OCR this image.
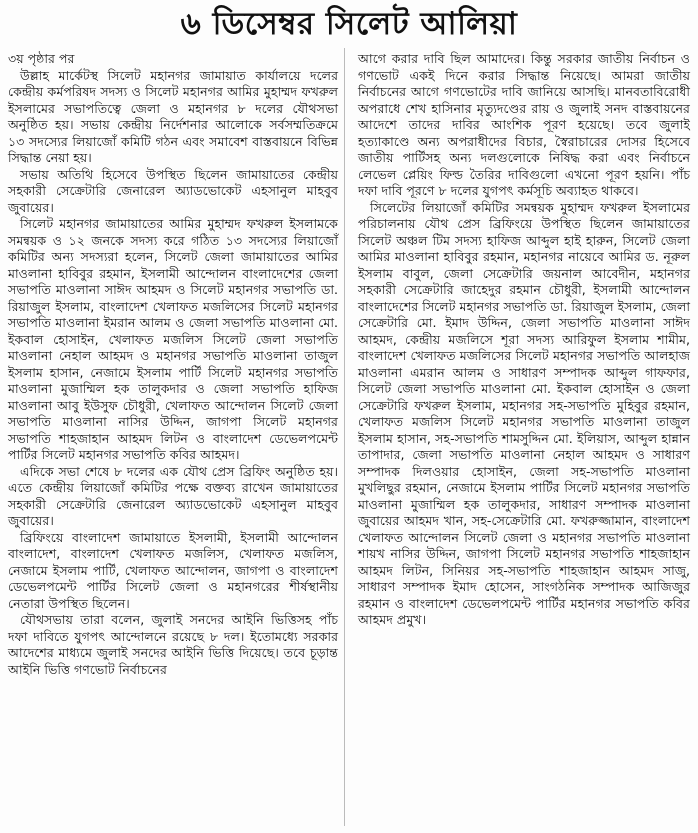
৬ ডিসেম্বর সিলেট আলিয়া

৩য় পৃষ্ঠার পর

উল্লাহ মার্কেটস্থ সিলেট মহানগর জামায়াত কার্যালয়ে দলের কেন্দ্রীয় কর্মপরিষদ সদস্য ও সিলেট মহানগর আমির মুহাম্মদ ফখরুল ইসলামের সভাপতিত্বে জেলা ও মহানগর ৮ দলের যৌথসভা অনুষ্ঠিত হয়। সভায় কেন্দ্রীয় নির্দেশনার আলোকে সর্বসম্মতিক্রমে ১৩ সদস্যের লিয়াজোঁ কমিটি গঠন এবং সমাবেশ বাস্তবায়নে বিভিন্ন সিদ্ধান্ত নেয়া হয়।

সভায় অতিথি হিসেবে উপস্থিত ছিলেন জামায়াতের কেন্দ্রীয় সহকারী সেক্রেটারি জেনারেল অ্যাডভোকেট এহসানুল মাহবুব জুবায়ের।

সিলেট মহানগর জামায়াতের আমির মুহাম্মদ ফখরুল ইসলামকে সমন্বয়ক ও ১২ জনকে সদস্য করে গঠিত ১৩ সদস্যের লিয়াজোঁ কমিটির অন্য সদস্যরা হলেন, সিলেট জেলা জামায়াতের আমির মাওলানা হাবিবুর রহমান, ইসলামী আন্দোলন বাংলাদেশের জেলা সভাপতি মাওলানা সাঈদ আহমদ ও সিলেট মহানগর সভাপতি ডা. রিয়াজুল ইসলাম, বাংলাদেশ খেলাফত মজলিসের সিলেট মহানগর সভাপতি মাওলানা ইমরান আলম ও জেলা সভাপতি মাওলানা মো. ইকবাল হোসাইন, খেলাফত মজলিস সিলেট জেলা সভাপতি মাওলানা নেহাল আহমদ ও মহানগর সভাপতি মাওলানা তাজুল ইসলাম হাসান, নেজামে ইসলাম পার্টি সিলেট মহানগর সভাপতি মাওলানা মুজাম্মিল হক তালুকদার ও জেলা সভাপতি হাফিজ মাওলানা আবু ইউসুফ চৌধুরী, খেলাফত আন্দোলন সিলেট জেলা সভাপতি মাওলানা নাসির উদ্দিন, জাগপা সিলেট মহানগর সভাপতি শাহজাহান আহমদ লিটন ও বাংলাদেশ ডেভেলপমেন্ট পার্টির সিলেট মহানগর সভাপতি কবির আহমদ।

এদিকে সভা শেষে ৮ দলের এক যৌথ প্রেস ব্রিফিং অনুষ্ঠিত হয়। এতে কেন্দ্রীয় লিয়াজোঁ কমিটির পক্ষে বক্তব্য রাখেন জামায়াতের সহকারী সেক্রেটারি জেনারেল অ্যাডভোকেট এহসানুল মাহবুব জুবায়ের।

ব্রিফিংয়ে বাংলাদেশ জামায়াতে ইসলামী, ইসলামী আন্দোলন বাংলাদেশ, বাংলাদেশ খেলাফত মজলিস, খেলাফত মজলিস, নেজামে ইসলাম পার্টি, খেলাফত আন্দোলন, জাগপা ও বাংলাদেশ ডেভেলপমেন্ট পার্টির সিলেট জেলা ও মহানগরের শীর্ষস্থানীয় নেতারা উপস্থিত ছিলেন।

যৌথসভায় তারা বলেন, জুলাই সনদের আইনি ভিত্তিসহ পাঁচ দফা দাবিতে যুগপৎ আন্দোলনে রয়েছে ৮ দল। ইতোমধ্যে সরকার আদেশের মাধ্যমে জুলাই সনদের আইনি ভিত্তি দিয়েছে। তবে চূড়ান্ত আইনি ভিত্তি গণভোট নির্বাচনের

আগে করার দাবি ছিল আমাদের। কিন্তু সরকার জাতীয় নির্বাচন ও গণভোট একই দিনে করার সিদ্ধান্ত নিয়েছে। আমরা জাতীয় নির্বাচনের আগে গণভোটের দাবি জানিয়ে আসছি। মানবতাবিরোধী অপরাধে শেখ হাসিনার মৃত্যুদণ্ডের রায় ও জুলাই সনদ বাস্তবায়নের আদেশে তাদের দাবির আংশিক পূরণ হয়েছে। তবে জুলাই হত্যাকাণ্ডে অন্য অপরাধীদের বিচার, স্বৈরাচারের দোসর হিসেবে জাতীয় পার্টিসহ অন্য দলগুলোকে নিষিদ্ধ করা এবং নির্বাচনে লেভেল প্লেয়িং ফিল্ড তৈরির দাবিগুলো এখনো পূরণ হয়নি। পাঁচ দফা দাবি পূরণে ৮ দলের যুগপৎ কর্মসূচি অব্যাহত থাকবে।

সিলেটের লিয়াজোঁ কমিটির সমন্বয়ক মুহাম্মদ ফখরুল ইসলামের পরিচালনায় যৌথ প্রেস ব্রিফিংয়ে উপস্থিত ছিলেন জামায়াতের সিলেট অঞ্চল টিম সদস্য হাফিজ আব্দুল হাই হারুন, সিলেট জেলা আমির মাওলানা হাবিবুর রহমান, মহানগর নায়েবে আমির ড. নূরুল ইসলাম বাবুল, জেলা সেক্রেটারি জয়নাল আবেদীন, মহানগর সহকারী সেক্রেটারি জাহেদুর রহমান চৌধুরী, ইসলামী আন্দোলন বাংলাদেশের সিলেট মহানগর সভাপতি ডা. রিয়াজুল ইসলাম, জেলা সেক্রেটারি মো. ইমাদ উদ্দিন, জেলা সভাপতি মাওলানা সাঈদ আহমদ, কেন্দ্রীয় মজলিসে শূরা সদস্য আরিফুল ইসলাম শামীম, বাংলাদেশ খেলাফত মজলিসের সিলেট মহানগর সভাপতি আলহাজ মাওলানা এমরান আলম ও সাধারণ সম্পাদক আব্দুল গাফফার, সিলেট জেলা সভাপতি মাওলানা মো. ইকবাল হোসাইন ও জেলা সেক্রেটারি ফখরুল ইসলাম, মহানগর সহ-সভাপতি মুহিবুর রহমান, খেলাফত মজলিস সিলেট মহানগর সভাপতি মাওলানা তাজুল ইসলাম হাসান, সহ-সভাপতি শামসুদ্দিন মো. ইলিয়াস, আব্দুল হান্নান তাপাদার, জেলা সভাপতি মাওলানা নেহাল আহমদ ও সাধারণ সম্পাদক দিলওয়ার হোসাইন, জেলা সহ-সভাপতি মাওলানা মুখলিছুর রহমান, নেজামে ইসলাম পার্টির সিলেট মহানগর সভাপতি মাওলানা মুজাম্মিল হক তালুকদার, সাধারণ সম্পাদক মাওলানা জুবায়ের আহমদ খান, সহ-সেক্রেটারি মো. ফখরুজ্জামান, বাংলাদেশ খেলাফত আন্দোলন সিলেট জেলা ও মহানগর সভাপতি মাওলানা শায়খ নাসির উদ্দিন, জাগপা সিলেট মহানগর সভাপতি শাহজাহান আহমদ লিটন, সিনিয়র সহ-সভাপতি শাহজাহান আহমদ সাজু, সাধারণ সম্পাদক ইমাদ হোসেন, সাংগঠনিক সম্পাদক আজিজুর রহমান ও বাংলাদেশ ডেভেলপমেন্ট পার্টির মহানগর সভাপতি কবির আহমদ প্রমুখ।
